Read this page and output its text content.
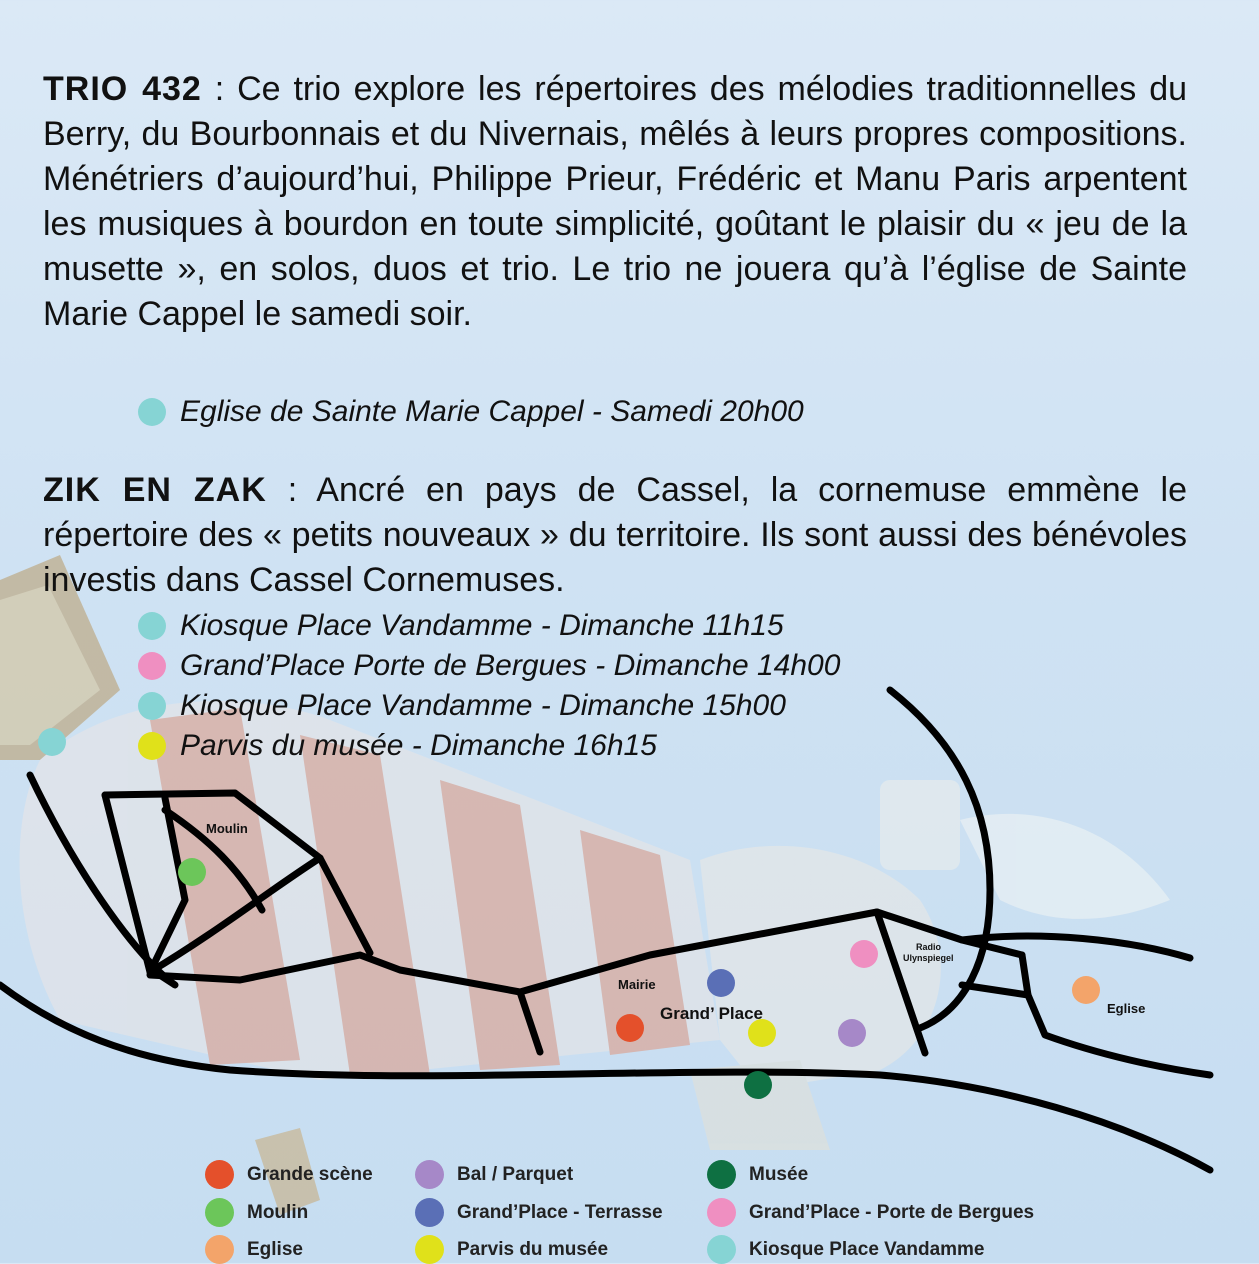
Moulin
Mairie
Grand’ Place
Radio
Ulynspiegel
Eglise

TRIO 432 : Ce trio explore les répertoires des mélodies traditionnelles du Berry, du Bourbonnais et du Nivernais, mêlés à leurs propres compositions. Ménétriers d’aujourd’hui, Philippe Prieur, Frédéric et Manu Paris arpentent les musiques à bourdon en toute simplicité, goûtant le plaisir du « jeu de la musette », en solos, duos et trio. Le trio ne jouera qu’à l’église de Sainte Marie Cappel le samedi soir.

Eglise de Sainte Marie Cappel - Samedi 20h00

ZIK EN ZAK : Ancré en pays de Cassel, la cornemuse emmène le répertoire des « petits nouveaux » du territoire. Ils sont aussi des bénévoles investis dans Cassel Cornemuses.

Kiosque Place Vandamme - Dimanche 11h15
Grand’Place Porte de Bergues - Dimanche 14h00
Kiosque Place Vandamme - Dimanche 15h00
Parvis du musée - Dimanche 16h15
Grande scène
Moulin
Eglise
Bal / Parquet
Grand’Place - Terrasse
Parvis du musée
Musée
Grand’Place - Porte de Bergues
Kiosque Place Vandamme
